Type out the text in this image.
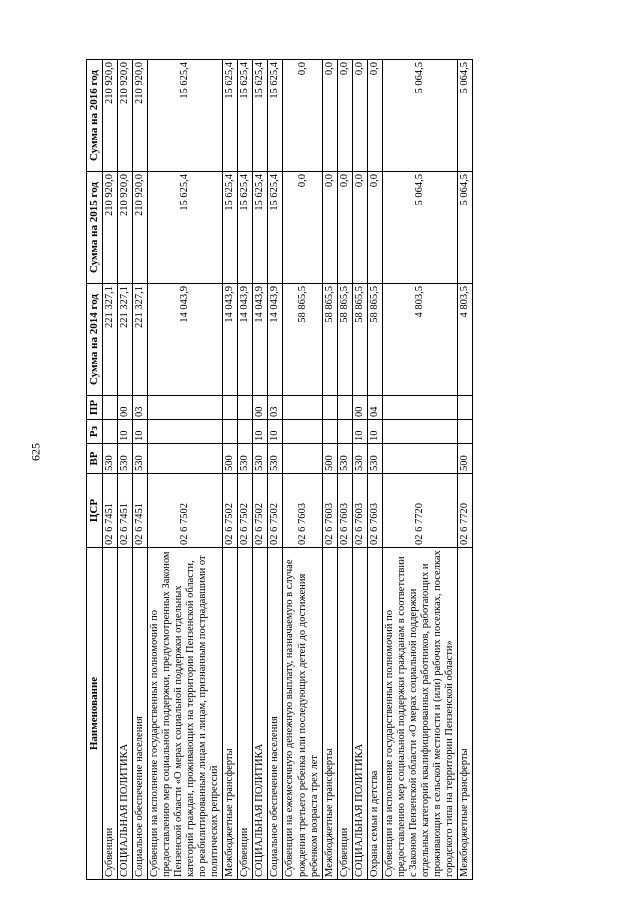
625
Наименование	ЦСР	ВР	Рз	ПР	Сумма на 2014 год	Сумма на 2015 год	Сумма на 2016 год
Субвенции	02 6 7451	530			221 327,1	210 920,0	210 920,0
СОЦИАЛЬНАЯ ПОЛИТИКА	02 6 7451	530	10	00	221 327,1	210 920,0	210 920,0
Социальное обеспечение населения	02 6 7451	530	10	03	221 327,1	210 920,0	210 920,0
Субвенции на исполнение государственных полномочий по предоставлению мер социальной поддержки, предусмотренных Законом Пензенской области «О мерах социальной поддержки отдельных категорий граждан, проживающих на территории Пензенской области, по реабилитированным лицам и лицам, признанным пострадавшими от политических репрессий	02 6 7502				14 043,9	15 625,4	15 625,4
Межбюджетные трансферты	02 6 7502	500			14 043,9	15 625,4	15 625,4
Субвенции	02 6 7502	530			14 043,9	15 625,4	15 625,4
СОЦИАЛЬНАЯ ПОЛИТИКА	02 6 7502	530	10	00	14 043,9	15 625,4	15 625,4
Социальное обеспечение населения	02 6 7502	530	10	03	14 043,9	15 625,4	15 625,4
Субвенции на ежемесячную денежную выплату, назначаемую в случае рождения третьего ребенка или последующих детей до достижения ребенком возраста трех лет	02 6 7603				58 865,5	0,0	0,0
Межбюджетные трансферты	02 6 7603	500			58 865,5	0,0	0,0
Субвенции	02 6 7603	530			58 865,5	0,0	0,0
СОЦИАЛЬНАЯ ПОЛИТИКА	02 6 7603	530	10	00	58 865,5	0,0	0,0
Охрана семьи и детства	02 6 7603	530	10	04	58 865,5	0,0	0,0
Субвенции на исполнение государственных полномочий по предоставлению мер социальной поддержки гражданам в соответствии с Законом Пензенской области «О мерах социальной поддержки отдельных категорий квалифицированных работников, работающих и проживающих в сельской местности и (или) рабочих поселках, поселках городского типа на территории Пензенской области»	02 6 7720				4 803,5	5 064,5	5 064,5
Межбюджетные трансферты	02 6 7720	500			4 803,5	5 064,5	5 064,5
